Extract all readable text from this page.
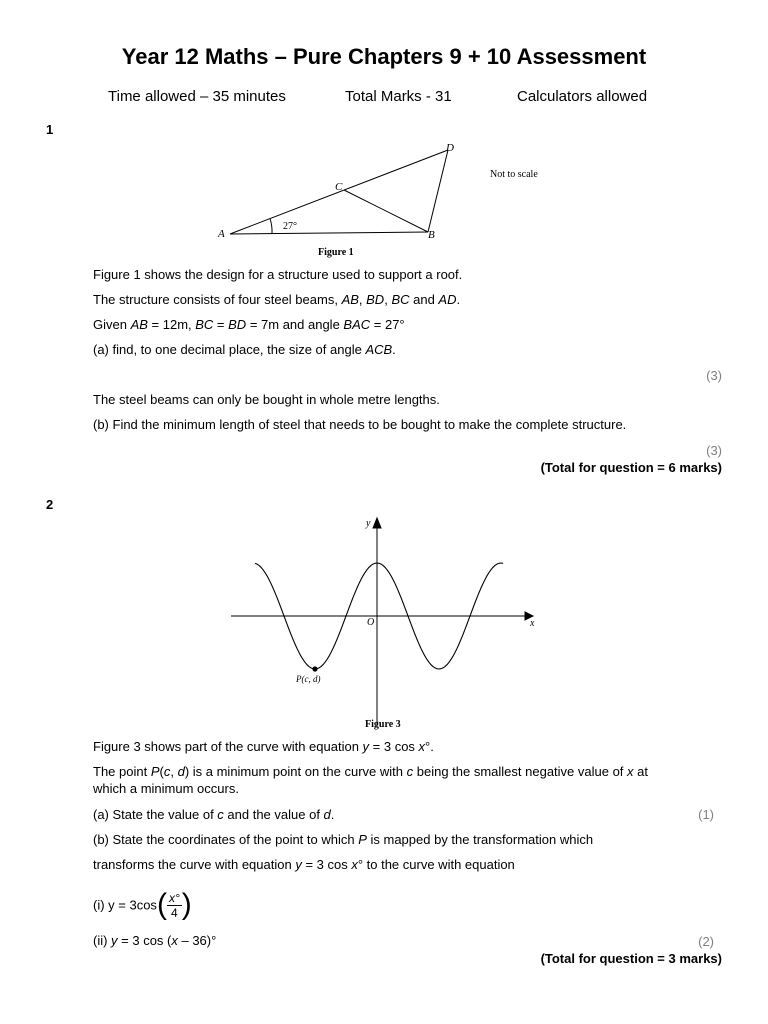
Year 12 Maths – Pure Chapters 9 + 10 Assessment
Time allowed – 35 minutes	Total Marks - 31	Calculators allowed
1
A	B
C
D
27°
Figure 1
Not to scale
Figure 1 shows the design for a structure used to support a roof.
The structure consists of four steel beams, AB, BD, BC and AD.
Given AB = 12m, BC = BD = 7m and angle BAC = 27°
(a) find, to one decimal place, the size of angle ACB.
(3)
The steel beams can only be bought in whole metre lengths.
(b) Find the minimum length of steel that needs to be bought to make the complete structure.
(3)
(Total for question = 6 marks)
2
y
x
O
P(c, d)
Figure 3
Figure 3 shows part of the curve with equation y = 3 cos x°.
The point P(c, d) is a minimum point on the curve with c being the smallest negative value of x at
which a minimum occurs.
(a) State the value of c and the value of d.	(1)
(b) State the coordinates of the point to which P is mapped by the transformation which
transforms the curve with equation y = 3 cos x° to the curve with equation
(i) $y = 3\cos( \frac{x^\circ}{4})$
(ii) y = 3 cos (x – 36)°	(2)
(Total for question = 3 marks)
